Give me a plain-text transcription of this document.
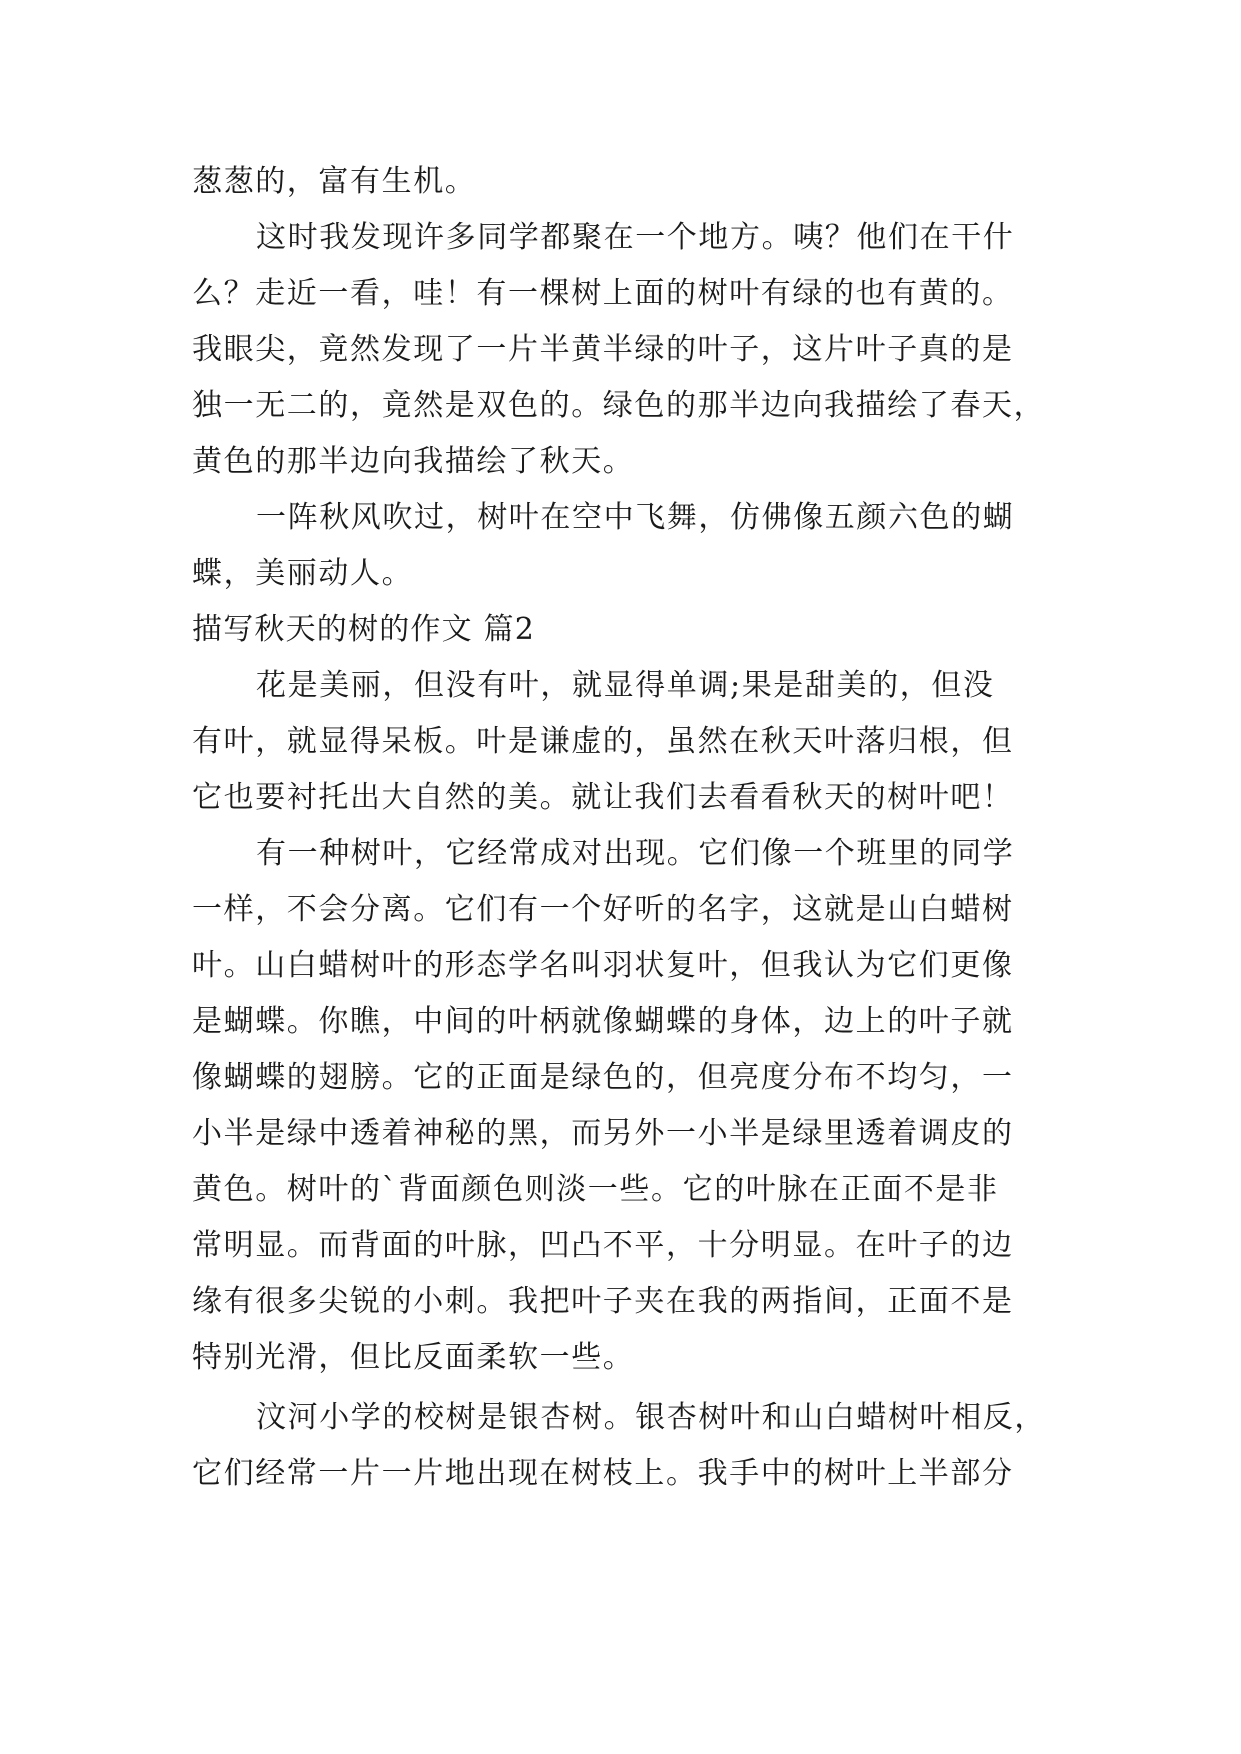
葱葱的，富有生机。
这时我发现许多同学都聚在一个地方。咦？他们在干什
么？走近一看，哇！有一棵树上面的树叶有绿的也有黄的。
我眼尖，竟然发现了一片半黄半绿的叶子，这片叶子真的是
独一无二的，竟然是双色的。绿色的那半边向我描绘了春天，
黄色的那半边向我描绘了秋天。
一阵秋风吹过，树叶在空中飞舞，仿佛像五颜六色的蝴
蝶，美丽动人。
描写秋天的树的作文 篇2
花是美丽，但没有叶，就显得单调;果是甜美的，但没
有叶，就显得呆板。叶是谦虚的，虽然在秋天叶落归根，但
它也要衬托出大自然的美。就让我们去看看秋天的树叶吧！
有一种树叶，它经常成对出现。它们像一个班里的同学
一样，不会分离。它们有一个好听的名字，这就是山白蜡树
叶。山白蜡树叶的形态学名叫羽状复叶，但我认为它们更像
是蝴蝶。你瞧，中间的叶柄就像蝴蝶的身体，边上的叶子就
像蝴蝶的翅膀。它的正面是绿色的，但亮度分布不均匀，一
小半是绿中透着神秘的黑，而另外一小半是绿里透着调皮的
黄色。树叶的`背面颜色则淡一些。它的叶脉在正面不是非
常明显。而背面的叶脉，凹凸不平，十分明显。在叶子的边
缘有很多尖锐的小刺。我把叶子夹在我的两指间，正面不是
特别光滑，但比反面柔软一些。
汶河小学的校树是银杏树。银杏树叶和山白蜡树叶相反，
它们经常一片一片地出现在树枝上。我手中的树叶上半部分
